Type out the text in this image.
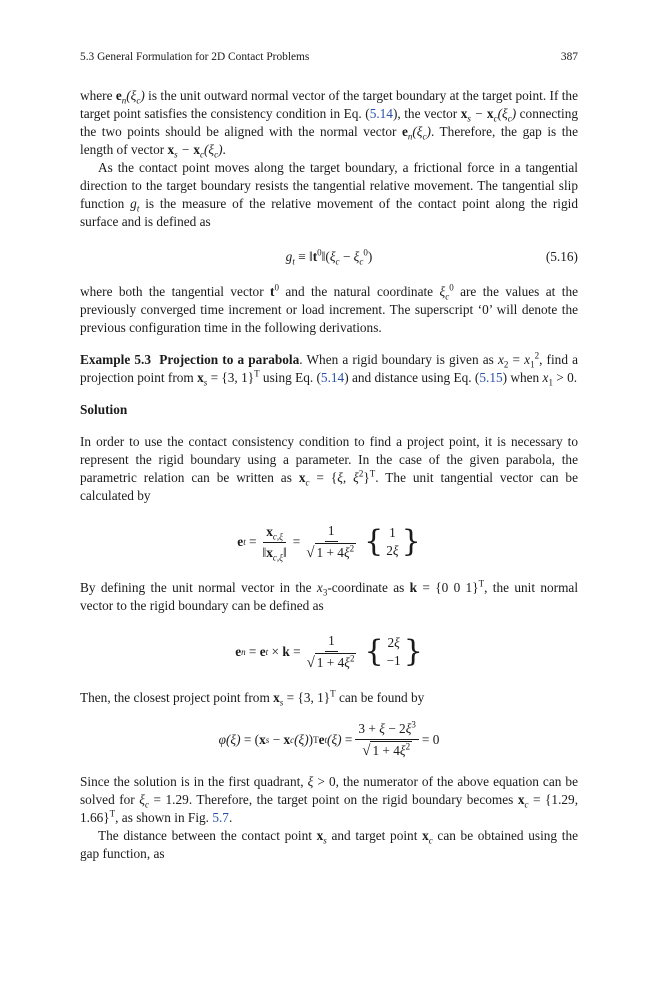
5.3 General Formulation for 2D Contact Problems	387

where $e_n(\xi_c)$ is the unit outward normal vector of the target boundary at the target point. If the target point satisfies the consistency condition in Eq. (5.14), the vector $x_s - x_c(\xi_c)$ connecting the two points should be aligned with the normal vector $e_n(\xi_c)$. Therefore, the gap is the length of vector $x_s - x_c(\xi_c)$.

As the contact point moves along the target boundary, a frictional force in a tangential direction to the target boundary resists the tangential relative movement. The tangential slip function $g_t$ is the measure of the relative movement of the contact point along the rigid surface and is defined as

$g_t$ ≡ $‖t^0‖(\xi_c - \xi_c^0)$	(5.16)

where both the tangential vector $t^0$ and the natural coordinate $\xi_c^0$ are the values at the previously converged time increment or load increment. The superscript ‘0’ will denote the previous configuration time in the following derivations.

Example 5.3 Projection to a parabola. When a rigid boundary is given as $x_2 = x_1^2$, find a projection point from $x_s = \{3$, 1}$^T$ using Eq. (5.14) and distance using Eq. (5.15) when $x_1 > 0$.

Solution

In order to use the contact consistency condition to find a project point, it is necessary to represent the rigid boundary using a parameter. In the case of the given parabola, the parametric relation can be written as $x_c = \{\xi$, $\xi^2\}^T$. The unit tangential vector can be calculated by

e t
= $\frac{x_{c,\xi}}{‖x_{c,\xi}‖} = \frac{1}{√ 1 + 4\xi^2}$ { 1
2ξ }

By defining the unit normal vector in the $x_3$-coordinate as k = {0 0 1}$^T$, the unit normal vector to the rigid boundary can be defined as

e n
=
e t
×
k
= $\frac{1}{√ 1 + 4\xi^2}$ { 2ξ
−1 }

Then, the closest project point from $x_s = \{3$, 1}$^T$ can be found by

φ(ξ) = ( x s − x c (ξ) ) T e t $(\xi) = \frac{3 + \xi - 2\xi^3}{√ 1 + 4\xi^2} = 0$

Since the solution is in the first quadrant, ξ > 0, the numerator of the above equation can be solved for $\xi_c = 1.29$. Therefore, the target point on the rigid boundary becomes $x_c = \{1.29$, 1.66}$^T$, as shown in Fig. 5.7.

The distance between the contact point $x_s$ and target point $x_c$ can be obtained using the gap function, as
